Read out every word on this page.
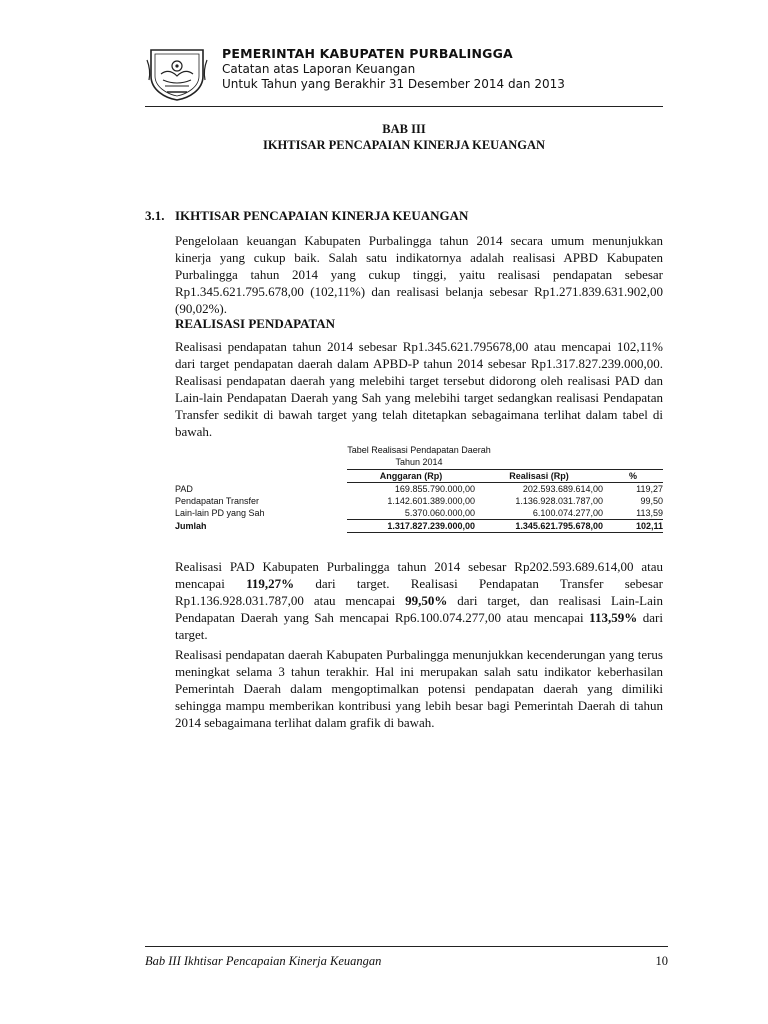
PEMERINTAH KABUPATEN PURBALINGGA
Catatan atas Laporan Keuangan
Untuk Tahun yang Berakhir 31 Desember 2014 dan 2013
BAB III
IKHTISAR PENCAPAIAN KINERJA KEUANGAN
3.1. IKHTISAR PENCAPAIAN KINERJA KEUANGAN
Pengelolaan keuangan Kabupaten Purbalingga tahun 2014 secara umum menunjukkan kinerja yang cukup baik. Salah satu indikatornya adalah realisasi APBD Kabupaten Purbalingga tahun 2014 yang cukup tinggi, yaitu realisasi pendapatan sebesar Rp1.345.621.795.678,00 (102,11%) dan realisasi belanja sebesar Rp1.271.839.631.902,00 (90,02%).
REALISASI PENDAPATAN
Realisasi pendapatan tahun 2014 sebesar Rp1.345.621.795678,00 atau mencapai 102,11% dari target pendapatan daerah dalam APBD-P tahun 2014 sebesar Rp1.317.827.239.000,00. Realisasi pendapatan daerah yang melebihi target tersebut didorong oleh realisasi PAD dan Lain-lain Pendapatan Daerah yang Sah yang melebihi target sedangkan realisasi Pendapatan Transfer sedikit di bawah target yang telah ditetapkan sebagaimana terlihat dalam tabel di bawah.
Tabel Realisasi Pendapatan Daerah
Tahun 2014
	Anggaran (Rp)	Realisasi (Rp)	%
PAD	169.855.790.000,00	202.593.689.614,00	119,27
Pendapatan Transfer	1.142.601.389.000,00	1.136.928.031.787,00	99,50
Lain-lain PD yang Sah	5.370.060.000,00	6.100.074.277,00	113,59
Jumlah	1.317.827.239.000,00	1.345.621.795.678,00	102,11
Realisasi PAD Kabupaten Purbalingga tahun 2014 sebesar Rp202.593.689.614,00 atau mencapai 119,27% dari target. Realisasi Pendapatan Transfer sebesar Rp1.136.928.031.787,00 atau mencapai 99,50% dari target, dan realisasi Lain-Lain Pendapatan Daerah yang Sah mencapai Rp6.100.074.277,00 atau mencapai 113,59% dari target.
Realisasi pendapatan daerah Kabupaten Purbalingga menunjukkan kecenderungan yang terus meningkat selama 3 tahun terakhir. Hal ini merupakan salah satu indikator keberhasilan Pemerintah Daerah dalam mengoptimalkan potensi pendapatan daerah yang dimiliki sehingga mampu memberikan kontribusi yang lebih besar bagi Pemerintah Daerah di tahun 2014 sebagaimana terlihat dalam grafik di bawah.
Bab III Ikhtisar Pencapaian Kinerja Keuangan	10
